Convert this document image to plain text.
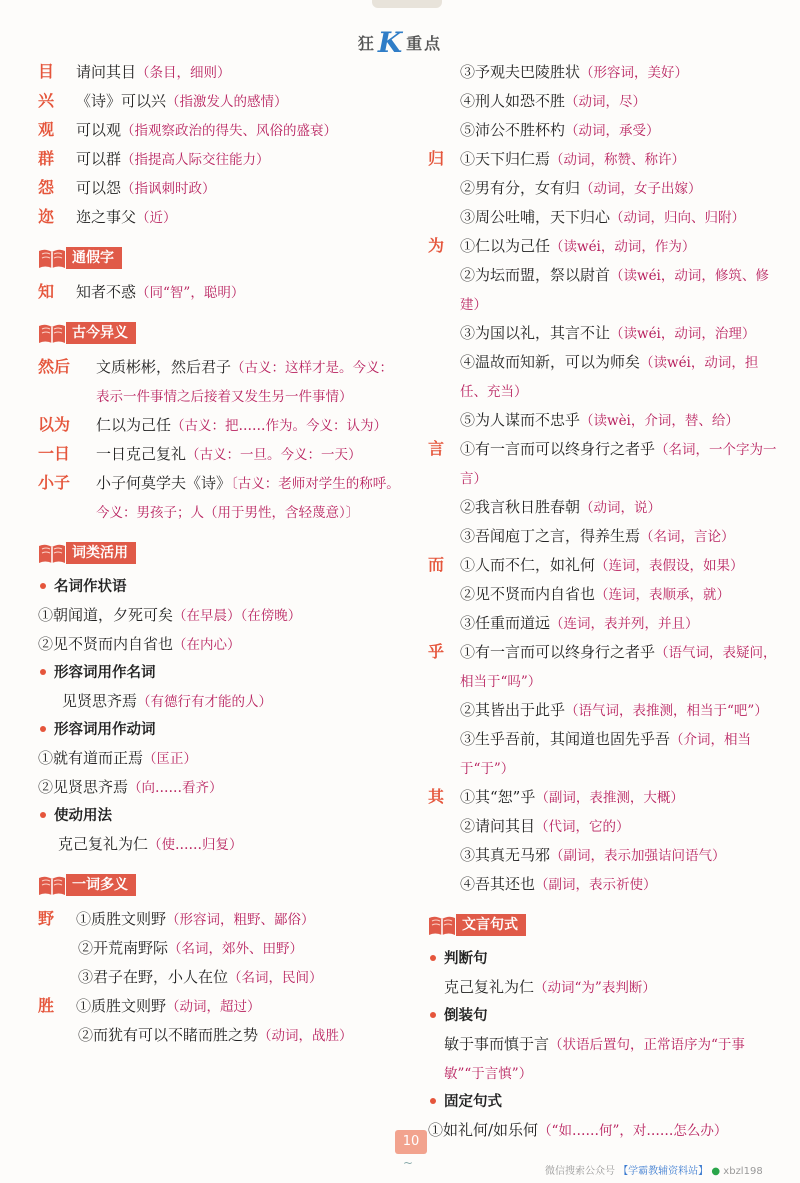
狂K 重点
目	请问其目（条目，细则）
兴	《诗》可以兴（指激发人的感情）
观	可以观（指观察政治的得失、风俗的盛衰）
群	可以群（指提高人际交往能力）
怨	可以怨（指讽刺时政）
迩	迩之事父（近）
通假字
知	知者不惑（同“智”，聪明）
古今异义
然后	文质彬彬，然后君子（古义：这样才是。今义：表示一件事情之后接着又发生另一件事情）
以为	仁以为己任（古义：把……作为。今义：认为）
一日	一日克己复礼（古义：一旦。今义：一天）
小子	小子何莫学夫《诗》〔古义：老师对学生的称呼。今义：男孩子；人（用于男性，含轻蔑意）〕
词类活用
名词作状语
①朝闻道，夕死可矣（在早晨）（在傍晚）
②见不贤而内自省也（在内心）
形容词用作名词
见贤思齐焉（有德行有才能的人）
形容词用作动词
①就有道而正焉（匡正）
②见贤思齐焉（向……看齐）
使动用法
克己复礼为仁（使……归复）
一词多义
野	①质胜文则野（形容词，粗野、鄙俗）
②开荒南野际（名词，郊外、田野）
③君子在野，小人在位（名词，民间）
胜	①质胜文则野（动词，超过）
②而犹有可以不睹而胜之势（动词，战胜）
③予观夫巴陵胜状（形容词，美好）
④刑人如恐不胜（动词，尽）
⑤沛公不胜杯杓（动词，承受）
归	①天下归仁焉（动词，称赞、称许）
②男有分，女有归（动词，女子出嫁）
③周公吐哺，天下归心（动词，归向、归附）
为	①仁以为己任（读wéi，动词，作为）
②为坛而盟，祭以尉首（读wéi，动词，修筑、修建）
③为国以礼，其言不让（读wéi，动词，治理）
④温故而知新，可以为师矣（读wéi，动词，担任、充当）
⑤为人谋而不忠乎（读wèi，介词，替、给）
言	①有一言而可以终身行之者乎（名词，一个字为一言）
②我言秋日胜春朝（动词，说）
③吾闻庖丁之言，得养生焉（名词，言论）
而	①人而不仁，如礼何（连词，表假设，如果）
②见不贤而内自省也（连词，表顺承，就）
③任重而道远（连词，表并列，并且）
乎	①有一言而可以终身行之者乎（语气词，表疑问，相当于“吗”）
②其皆出于此乎（语气词，表推测，相当于“吧”）
③生乎吾前，其闻道也固先乎吾（介词，相当于“于”）
其	①其“恕”乎（副词，表推测，大概）
②请问其目（代词，它的）
③其真无马邪（副词，表示加强诘问语气）
④吾其还也（副词，表示祈使）
文言句式
判断句
克己复礼为仁（动词“为”表判断）
倒装句
敏于事而慎于言（状语后置句，正常语序为“于事敏”“于言慎”）
固定句式
①如礼何/如乐何（“如……何”，对……怎么办）
10
~
微信搜索公众号 【学霸教辅资料站】 ● xbzl198
